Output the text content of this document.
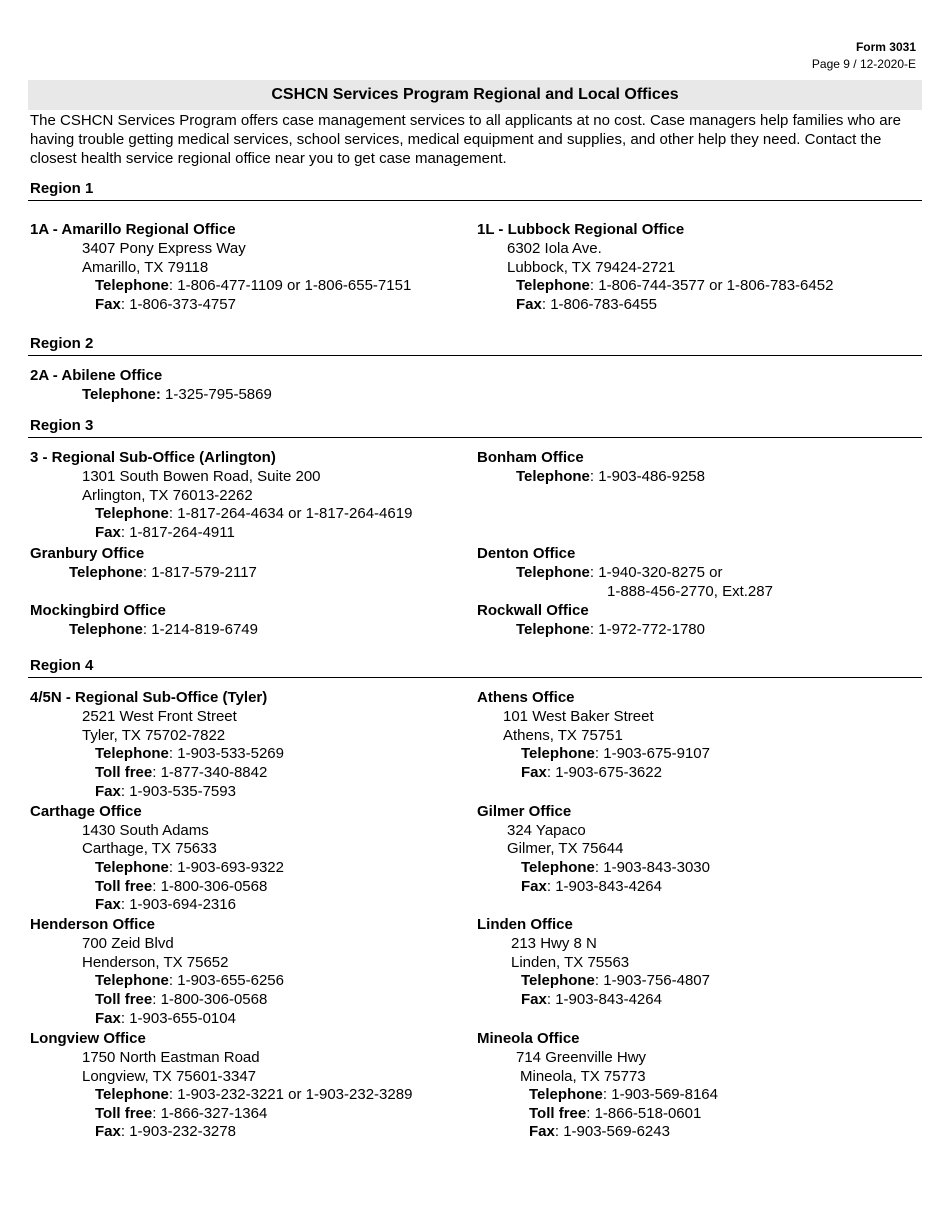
Form 3031
Page 9 / 12-2020-E
CSHCN Services Program Regional and Local Offices
The CSHCN Services Program offers case management services to all applicants at no cost. Case managers help families who are having trouble getting medical services, school services, medical equipment and supplies, and other help they need. Contact the closest health service regional office near you to get case management.
Region 1
1A - Amarillo Regional Office
3407 Pony Express Way
Amarillo, TX 79118
Telephone: 1-806-477-1109 or 1-806-655-7151
Fax: 1-806-373-4757
1L - Lubbock Regional Office
6302 Iola Ave.
Lubbock, TX 79424-2721
Telephone: 1-806-744-3577 or 1-806-783-6452
Fax: 1-806-783-6455
Region 2
2A - Abilene Office
Telephone: 1-325-795-5869
Region 3
3 - Regional Sub-Office (Arlington)
1301 South Bowen Road, Suite 200
Arlington, TX 76013-2262
Telephone: 1-817-264-4634 or 1-817-264-4619
Fax: 1-817-264-4911
Bonham Office
Telephone: 1-903-486-9258
Granbury Office
Telephone: 1-817-579-2117
Denton Office
Telephone: 1-940-320-8275 or
1-888-456-2770, Ext.287
Mockingbird Office
Telephone: 1-214-819-6749
Rockwall Office
Telephone: 1-972-772-1780
Region 4
4/5N - Regional Sub-Office (Tyler)
2521 West Front Street
Tyler, TX 75702-7822
Telephone: 1-903-533-5269
Toll free: 1-877-340-8842
Fax: 1-903-535-7593
Athens Office
101 West Baker Street
Athens, TX 75751
Telephone: 1-903-675-9107
Fax: 1-903-675-3622
Carthage Office
1430 South Adams
Carthage, TX 75633
Telephone: 1-903-693-9322
Toll free: 1-800-306-0568
Fax: 1-903-694-2316
Gilmer Office
324 Yapaco
Gilmer, TX 75644
Telephone: 1-903-843-3030
Fax: 1-903-843-4264
Henderson Office
700 Zeid Blvd
Henderson, TX 75652
Telephone: 1-903-655-6256
Toll free: 1-800-306-0568
Fax: 1-903-655-0104
Linden Office
213 Hwy 8 N
Linden, TX 75563
Telephone: 1-903-756-4807
Fax: 1-903-843-4264
Longview Office
1750 North Eastman Road
Longview, TX 75601-3347
Telephone: 1-903-232-3221 or 1-903-232-3289
Toll free: 1-866-327-1364
Fax: 1-903-232-3278
Mineola Office
714 Greenville Hwy
Mineola, TX 75773
Telephone: 1-903-569-8164
Toll free: 1-866-518-0601
Fax: 1-903-569-6243
